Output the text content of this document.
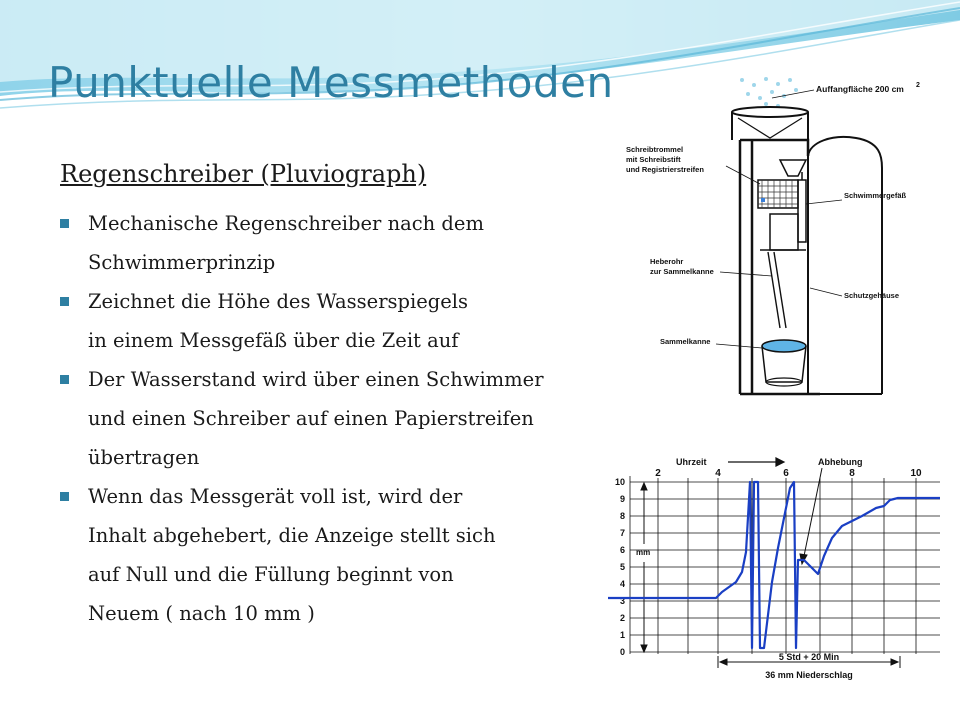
Punktuelle Messmethoden
Regenschreiber (Pluviograph)
Mechanische Regenschreiber nach dem
Schwimmerprinzip
Zeichnet die Höhe des Wasserspiegels
in einem Messgefäß über die Zeit auf
Der Wasserstand wird über einen Schwimmer
und einen Schreiber auf einen Papierstreifen
übertragen
Wenn das Messgerät voll ist, wird der
Inhalt abgehebert, die Anzeige stellt sich
auf Null und die Füllung beginnt von
Neuem ( nach 10 mm )
Auffangfläche 200 cm 2
Schreibtrommel
mit Schreibstift
und Registrierstreifen
Schwimmergefäß
Heberohr
zur Sammelkanne
Schutzgehäuse
Sammelkanne
10
9
8
7
6
5
4
3
2
1
0
2	4	6	8	10
Uhrzeit	Abhebung
mm
5 Std + 20 Min
36 mm Niederschlag
